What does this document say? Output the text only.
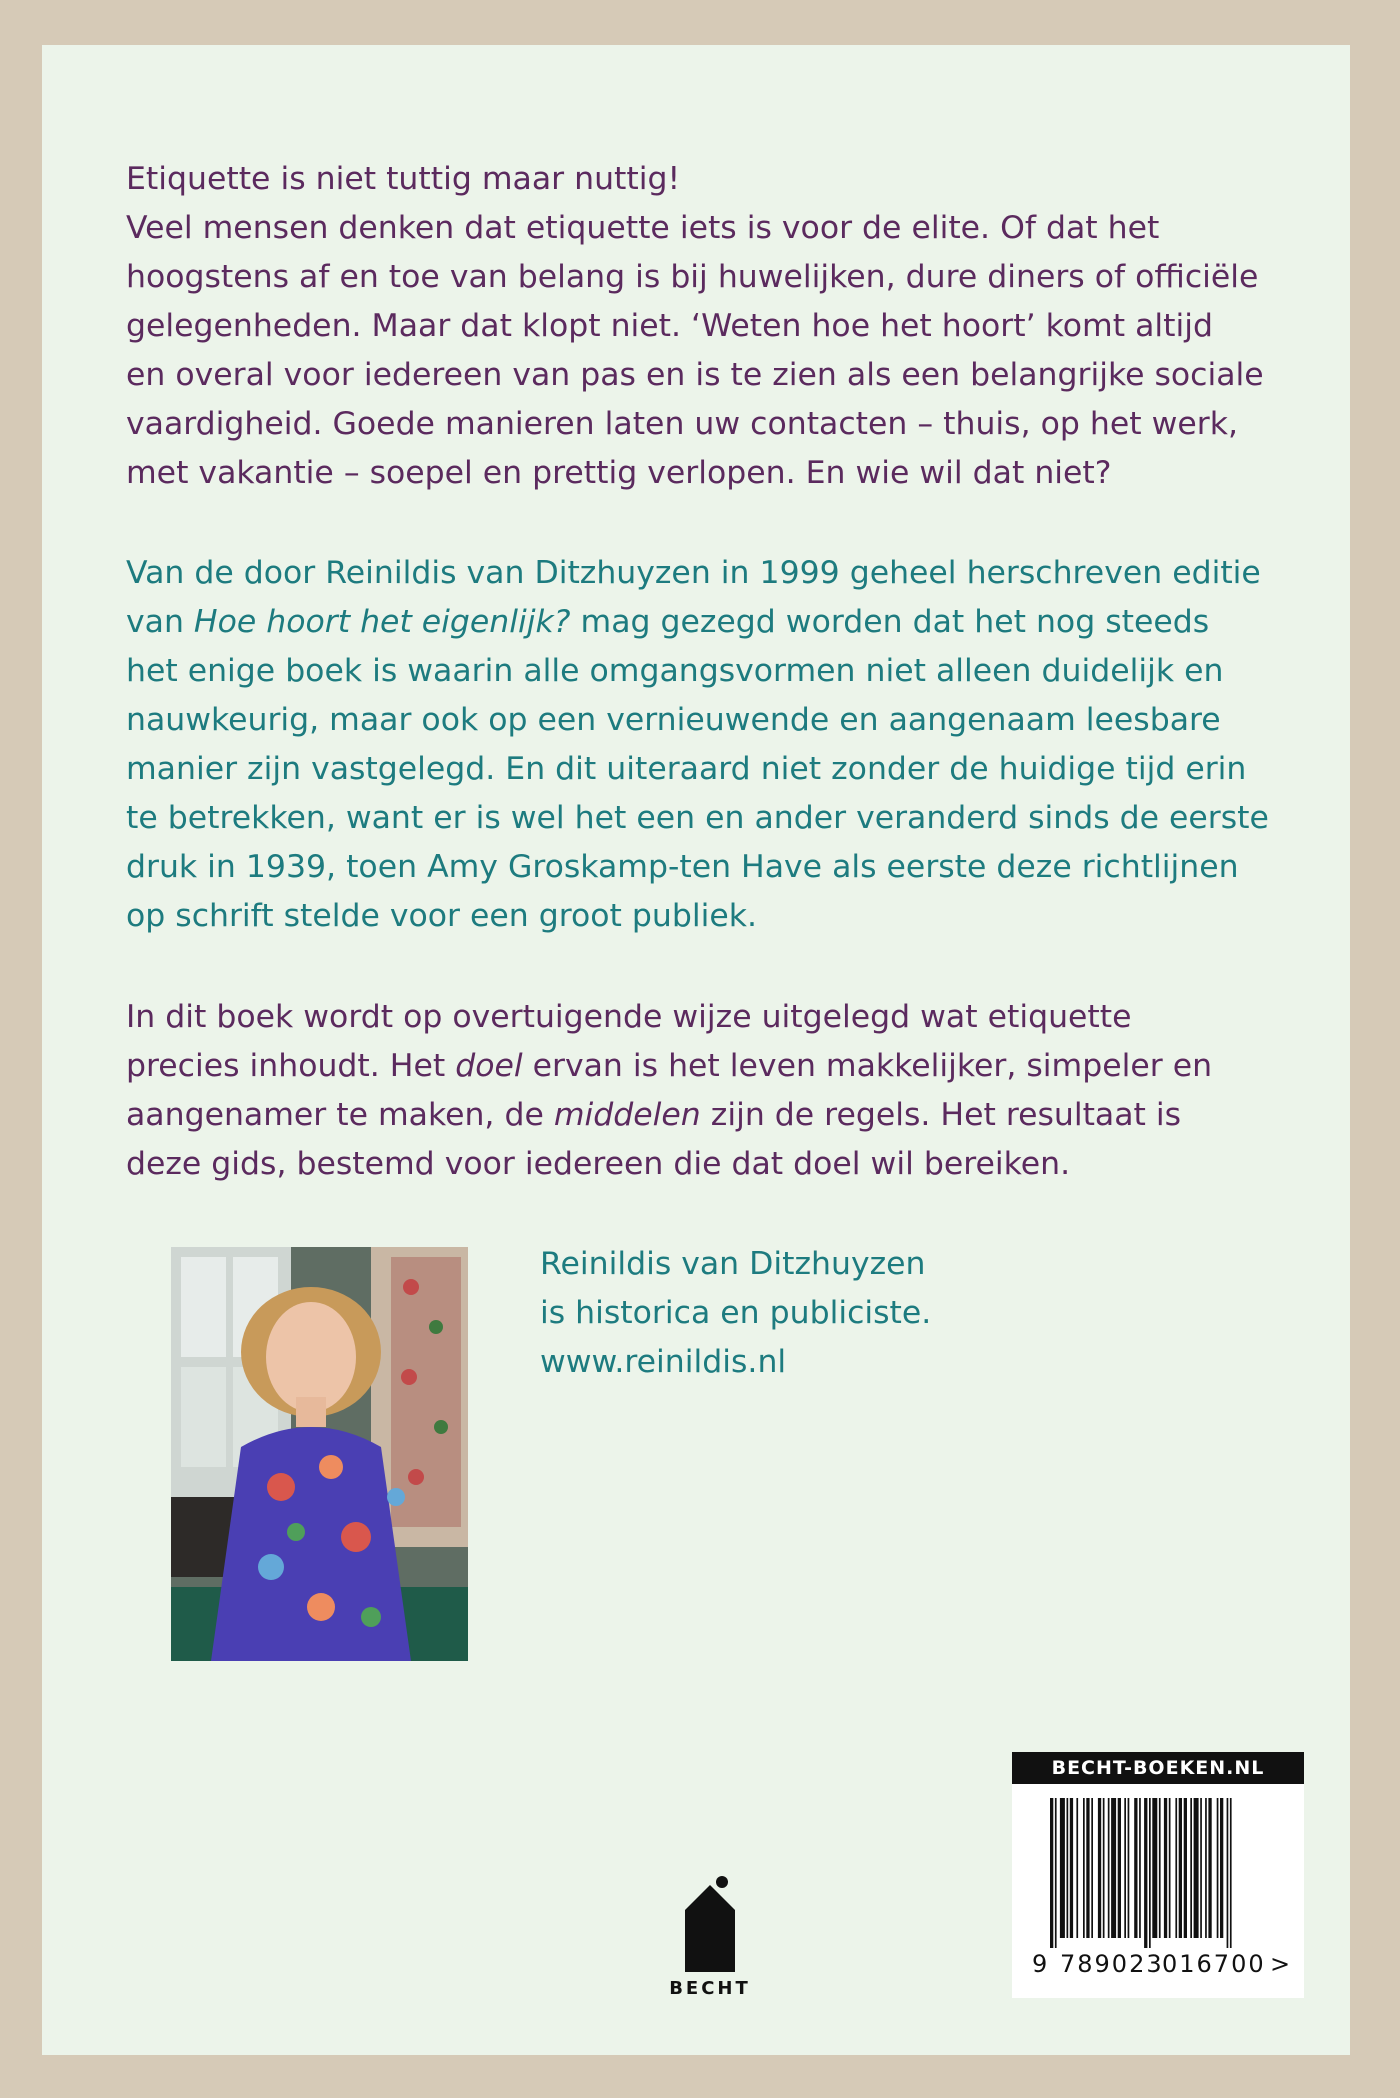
Etiquette is niet tuttig maar nuttig!
Veel mensen denken dat etiquette iets is voor de elite. Of dat het
hoogstens af en toe van belang is bij huwelijken, dure diners of officiële
gelegenheden. Maar dat klopt niet. ‘Weten hoe het hoort’ komt altijd
en overal voor iedereen van pas en is te zien als een belangrijke sociale
vaardigheid. Goede manieren laten uw contacten – thuis, op het werk,
met vakantie – soepel en prettig verlopen. En wie wil dat niet?
Van de door Reinildis van Ditzhuyzen in 1999 geheel herschreven editie
van Hoe hoort het eigenlijk? mag gezegd worden dat het nog steeds
het enige boek is waarin alle omgangsvormen niet alleen duidelijk en
nauwkeurig, maar ook op een vernieuwende en aangenaam leesbare
manier zijn vastgelegd. En dit uiteraard niet zonder de huidige tijd erin
te betrekken, want er is wel het een en ander veranderd sinds de eerste
druk in 1939, toen Amy Groskamp-ten Have als eerste deze richtlijnen
op schrift stelde voor een groot publiek.
In dit boek wordt op overtuigende wijze uitgelegd wat etiquette
precies inhoudt. Het doel ervan is het leven makkelijker, simpeler en
aangenamer te maken, de middelen zijn de regels. Het resultaat is
deze gids, bestemd voor iedereen die dat doel wil bereiken.
Reinildis van Ditzhuyzen
is historica en publiciste.
www.reinildis.nl
BECHT
BECHT-BOEKEN.NL
9 789023
016700 >
